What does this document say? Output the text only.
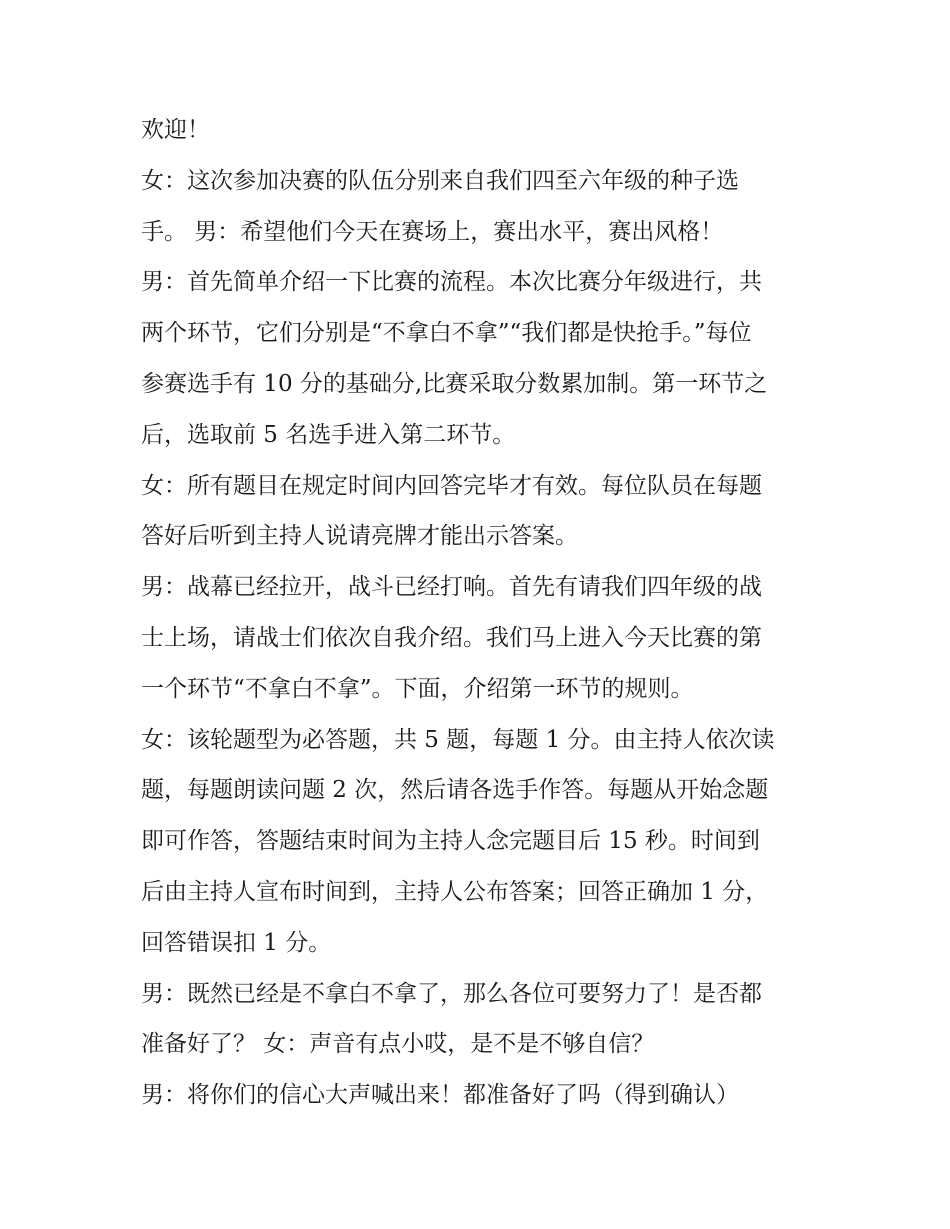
欢迎！
女：这次参加决赛的队伍分别来自我们四至六年级的种子选
手。 男：希望他们今天在赛场上，赛出水平，赛出风格！
男：首先简单介绍一下比赛的流程。本次比赛分年级进行，共
两个环节，它们分别是“不拿白不拿”“我们都是快抢手。”每位
参赛选手有 10 分的基础分,比赛采取分数累加制。第一环节之
后，选取前 5 名选手进入第二环节。
女：所有题目在规定时间内回答完毕才有效。每位队员在每题
答好后听到主持人说请亮牌才能出示答案。
男：战幕已经拉开，战斗已经打响。首先有请我们四年级的战
士上场，请战士们依次自我介绍。我们马上进入今天比赛的第
一个环节“不拿白不拿”。下面，介绍第一环节的规则。
女：该轮题型为必答题，共 5 题，每题 1 分。由主持人依次读
题，每题朗读问题 2 次，然后请各选手作答。每题从开始念题
即可作答，答题结束时间为主持人念完题目后 15 秒。时间到
后由主持人宣布时间到，主持人公布答案；回答正确加 1 分，
回答错误扣 1 分。
男：既然已经是不拿白不拿了，那么各位可要努力了！是否都
准备好了？ 女：声音有点小哎，是不是不够自信？
男：将你们的信心大声喊出来！都准备好了吗（得到确认）
